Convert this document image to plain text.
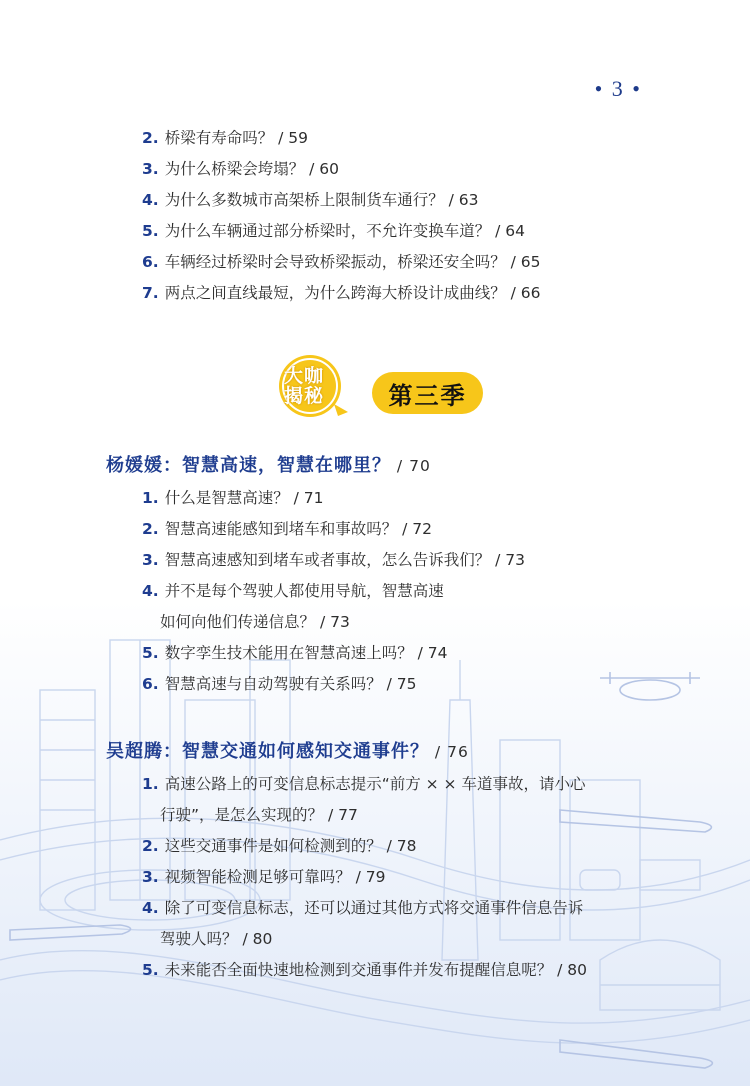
• 3 •
2. 桥梁有寿命吗？ / 59
3. 为什么桥梁会垮塌？ / 60
4. 为什么多数城市高架桥上限制货车通行？ / 63
5. 为什么车辆通过部分桥梁时，不允许变换车道？ / 64
6. 车辆经过桥梁时会导致桥梁振动，桥梁还安全吗？ / 65
7. 两点之间直线最短，为什么跨海大桥设计成曲线？ / 66
大咖
揭秘	第三季
杨媛媛：智慧高速，智慧在哪里？ / 70
1. 什么是智慧高速？ / 71
2. 智慧高速能感知到堵车和事故吗？ / 72
3. 智慧高速感知到堵车或者事故，怎么告诉我们？ / 73
4. 并不是每个驾驶人都使用导航，智慧高速
如何向他们传递信息？ / 73
5. 数字孪生技术能用在智慧高速上吗？ / 74
6. 智慧高速与自动驾驶有关系吗？ / 75
吴超腾：智慧交通如何感知交通事件？ / 76
1. 高速公路上的可变信息标志提示“前方 × × 车道事故，请小心
行驶”，是怎么实现的？ / 77
2. 这些交通事件是如何检测到的？ / 78
3. 视频智能检测足够可靠吗？ / 79
4. 除了可变信息标志，还可以通过其他方式将交通事件信息告诉
驾驶人吗？ / 80
5. 未来能否全面快速地检测到交通事件并发布提醒信息呢？ / 80
